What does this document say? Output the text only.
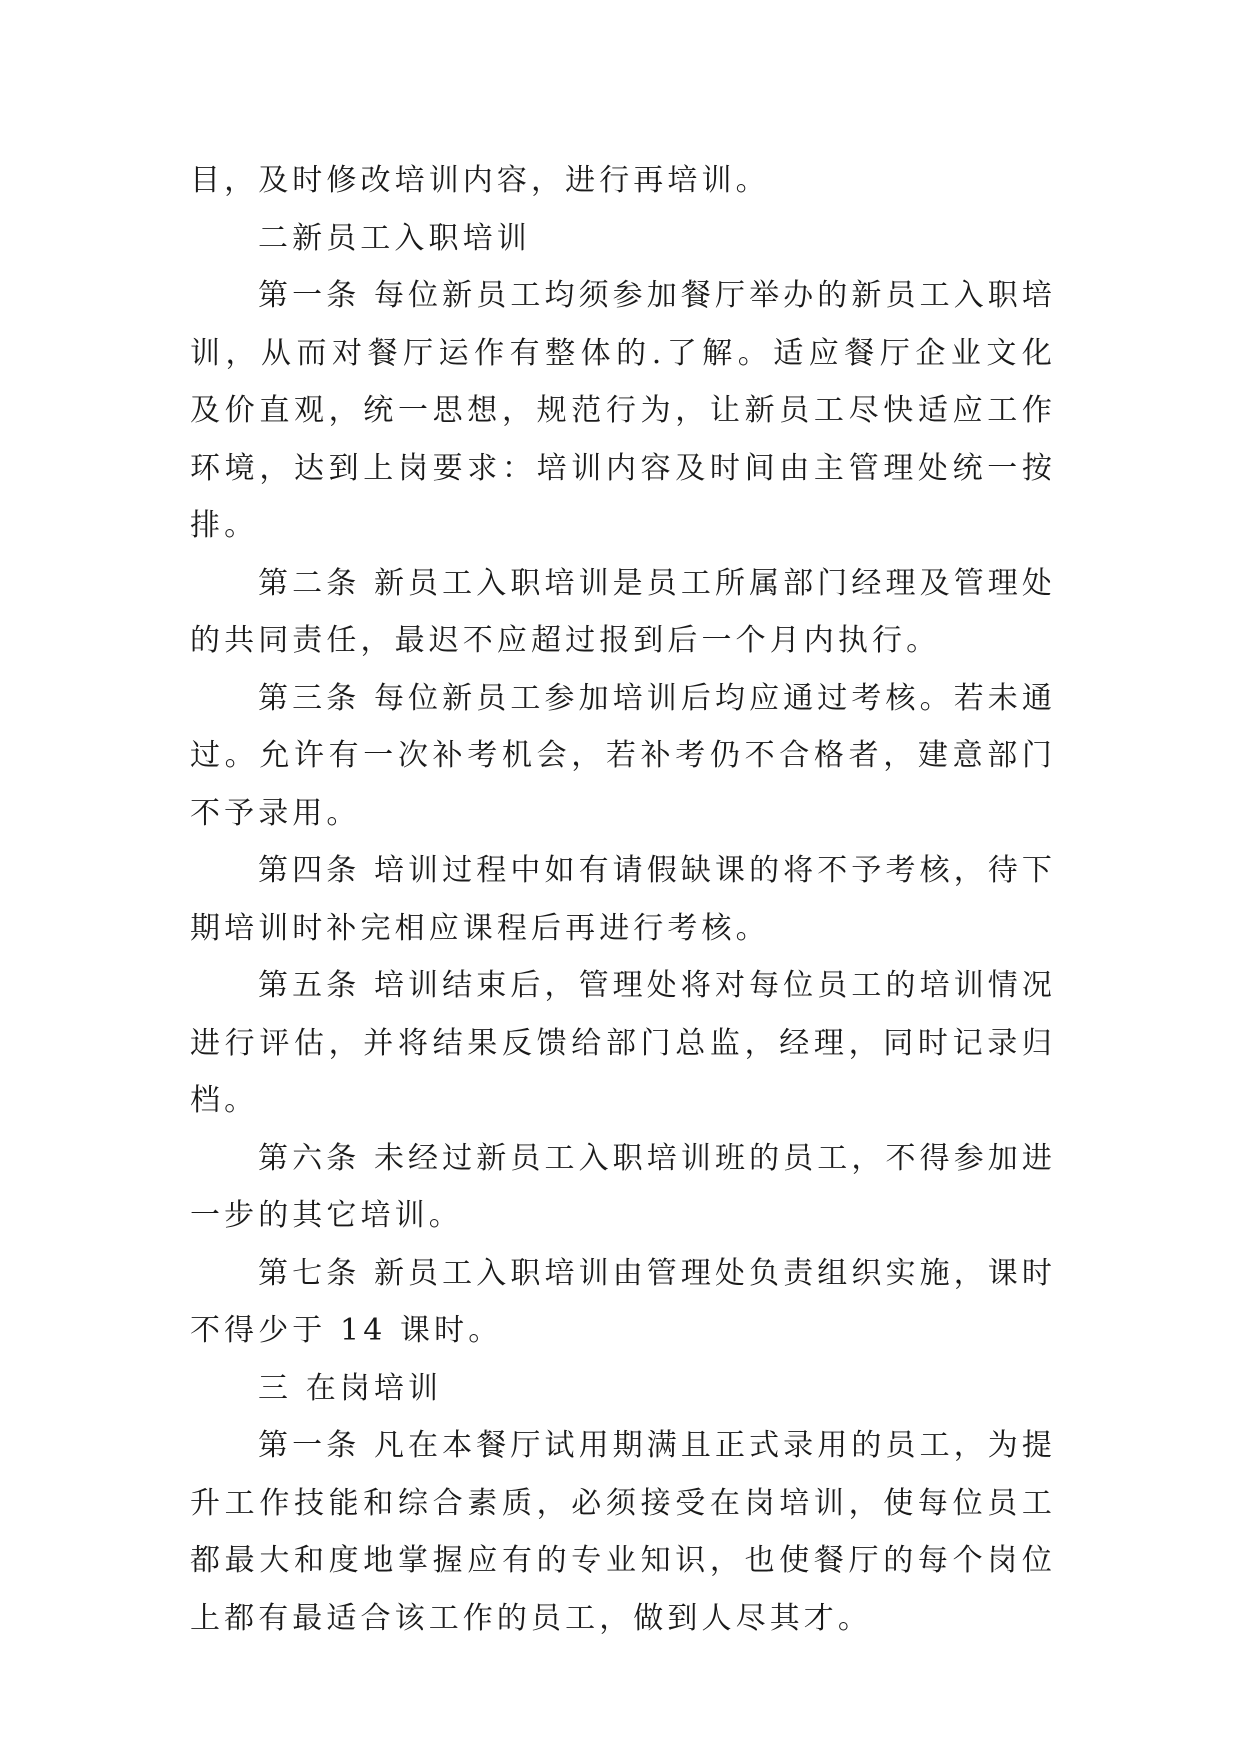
目，及时修改培训内容，进行再培训。

二新员工入职培训

第一条 每位新员工均须参加餐厅举办的新员工入职培训，从而对餐厅运作有整体的.了解。适应餐厅企业文化及价直观，统一思想，规范行为，让新员工尽快适应工作环境，达到上岗要求：培训内容及时间由主管理处统一按排。

第二条 新员工入职培训是员工所属部门经理及管理处的共同责任，最迟不应超过报到后一个月内执行。

第三条 每位新员工参加培训后均应通过考核。若未通过。允许有一次补考机会，若补考仍不合格者，建意部门不予录用。

第四条 培训过程中如有请假缺课的将不予考核，待下期培训时补完相应课程后再进行考核。

第五条 培训结束后，管理处将对每位员工的培训情况进行评估，并将结果反馈给部门总监，经理，同时记录归档。

第六条 未经过新员工入职培训班的员工，不得参加进一步的其它培训。

第七条 新员工入职培训由管理处负责组织实施，课时不得少于 14 课时。

三 在岗培训

第一条 凡在本餐厅试用期满且正式录用的员工，为提升工作技能和综合素质，必须接受在岗培训，使每位员工都最大和度地掌握应有的专业知识，也使餐厅的每个岗位上都有最适合该工作的员工，做到人尽其才。
